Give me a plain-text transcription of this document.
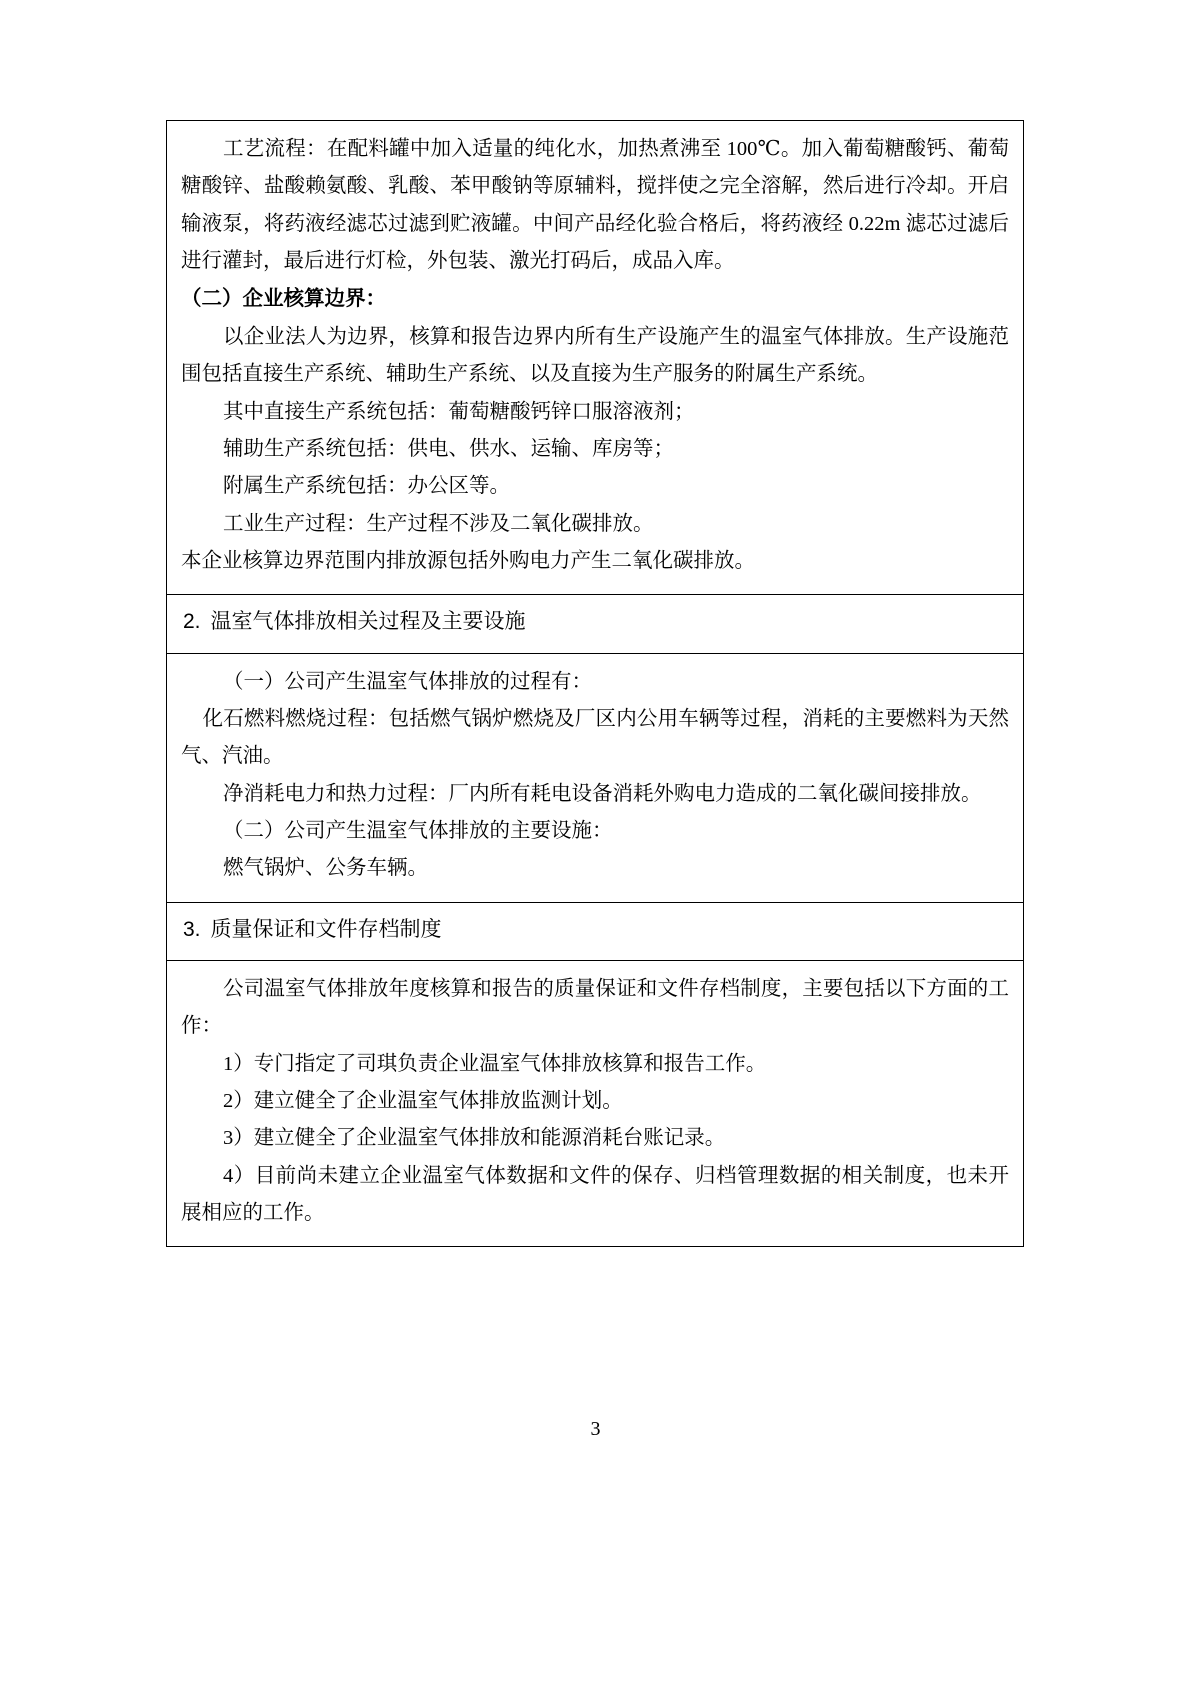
工艺流程：在配料罐中加入适量的纯化水，加热煮沸至 100℃。加入葡萄糖酸钙、葡萄糖酸锌、盐酸赖氨酸、乳酸、苯甲酸钠等原辅料，搅拌使之完全溶解，然后进行冷却。开启输液泵，将药液经滤芯过滤到贮液罐。中间产品经化验合格后，将药液经 0.22m 滤芯过滤后进行灌封，最后进行灯检，外包装、激光打码后，成品入库。

（二）企业核算边界：

以企业法人为边界，核算和报告边界内所有生产设施产生的温室气体排放。生产设施范围包括直接生产系统、辅助生产系统、以及直接为生产服务的附属生产系统。

其中直接生产系统包括：葡萄糖酸钙锌口服溶液剂；

辅助生产系统包括：供电、供水、运输、库房等；

附属生产系统包括：办公区等。

工业生产过程：生产过程不涉及二氧化碳排放。

本企业核算边界范围内排放源包括外购电力产生二氧化碳排放。

2. 温室气体排放相关过程及主要设施

（一）公司产生温室气体排放的过程有：

化石燃料燃烧过程：包括燃气锅炉燃烧及厂区内公用车辆等过程，消耗的主要燃料为天然气、汽油。

净消耗电力和热力过程：厂内所有耗电设备消耗外购电力造成的二氧化碳间接排放。

（二）公司产生温室气体排放的主要设施：

燃气锅炉、公务车辆。

3. 质量保证和文件存档制度

公司温室气体排放年度核算和报告的质量保证和文件存档制度，主要包括以下方面的工作：

1）专门指定了司琪负责企业温室气体排放核算和报告工作。

2）建立健全了企业温室气体排放监测计划。

3）建立健全了企业温室气体排放和能源消耗台账记录。

4）目前尚未建立企业温室气体数据和文件的保存、归档管理数据的相关制度，也未开展相应的工作。

3
